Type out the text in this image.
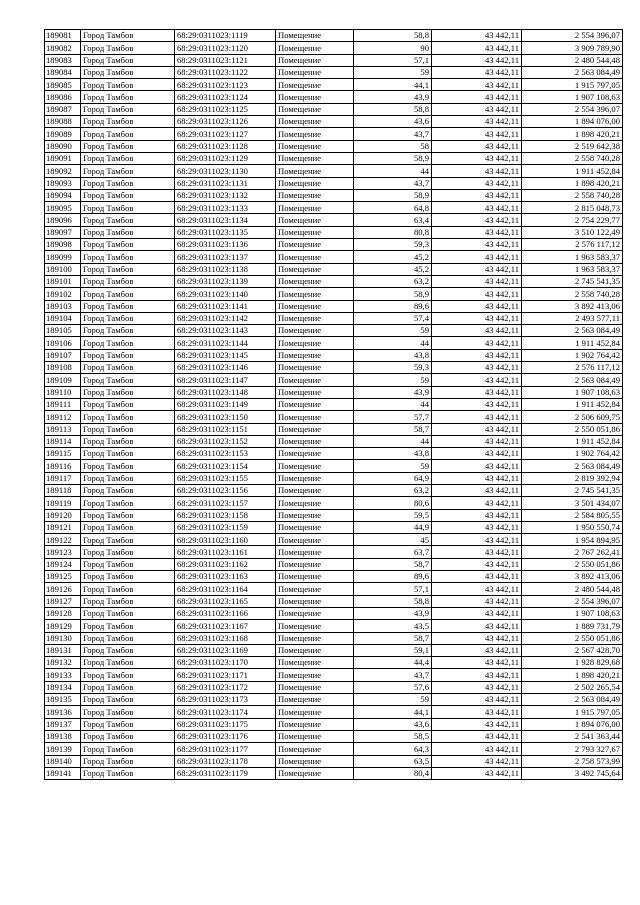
189081	Город Тамбов	68:29:0311023:1119	Помещение	58,8	43 442,11	2 554 396,07
189082	Город Тамбов	68:29:0311023:1120	Помещение	90	43 442,11	3 909 789,90
189083	Город Тамбов	68:29:0311023:1121	Помещение	57,1	43 442,11	2 480 544,48
189084	Город Тамбов	68:29:0311023:1122	Помещение	59	43 442,11	2 563 084,49
189085	Город Тамбов	68:29:0311023:1123	Помещение	44,1	43 442,11	1 915 797,05
189086	Город Тамбов	68:29:0311023:1124	Помещение	43,9	43 442,11	1 907 108,63
189087	Город Тамбов	68:29:0311023:1125	Помещение	58,8	43 442,11	2 554 396,07
189088	Город Тамбов	68:29:0311023:1126	Помещение	43,6	43 442,11	1 894 076,00
189089	Город Тамбов	68:29:0311023:1127	Помещение	43,7	43 442,11	1 898 420,21
189090	Город Тамбов	68:29:0311023:1128	Помещение	58	43 442,11	2 519 642,38
189091	Город Тамбов	68:29:0311023:1129	Помещение	58,9	43 442,11	2 558 740,28
189092	Город Тамбов	68:29:0311023:1130	Помещение	44	43 442,11	1 911 452,84
189093	Город Тамбов	68:29:0311023:1131	Помещение	43,7	43 442,11	1 898 420,21
189094	Город Тамбов	68:29:0311023:1132	Помещение	58,9	43 442,11	2 558 740,28
189095	Город Тамбов	68:29:0311023:1133	Помещение	64,8	43 442,11	2 815 048,73
189096	Город Тамбов	68:29:0311023:1134	Помещение	63,4	43 442,11	2 754 229,77
189097	Город Тамбов	68:29:0311023:1135	Помещение	80,8	43 442,11	3 510 122,49
189098	Город Тамбов	68:29:0311023:1136	Помещение	59,3	43 442,11	2 576 117,12
189099	Город Тамбов	68:29:0311023:1137	Помещение	45,2	43 442,11	1 963 583,37
189100	Город Тамбов	68:29:0311023:1138	Помещение	45,2	43 442,11	1 963 583,37
189101	Город Тамбов	68:29:0311023:1139	Помещение	63,2	43 442,11	2 745 541,35
189102	Город Тамбов	68:29:0311023:1140	Помещение	58,9	43 442,11	2 558 740,28
189103	Город Тамбов	68:29:0311023:1141	Помещение	89,6	43 442,11	3 892 413,06
189104	Город Тамбов	68:29:0311023:1142	Помещение	57,4	43 442,11	2 493 577,11
189105	Город Тамбов	68:29:0311023:1143	Помещение	59	43 442,11	2 563 084,49
189106	Город Тамбов	68:29:0311023:1144	Помещение	44	43 442,11	1 911 452,84
189107	Город Тамбов	68:29:0311023:1145	Помещение	43,8	43 442,11	1 902 764,42
189108	Город Тамбов	68:29:0311023:1146	Помещение	59,3	43 442,11	2 576 117,12
189109	Город Тамбов	68:29:0311023:1147	Помещение	59	43 442,11	2 563 084,49
189110	Город Тамбов	68:29:0311023:1148	Помещение	43,9	43 442,11	1 907 108,63
189111	Город Тамбов	68:29:0311023:1149	Помещение	44	43 442,11	1 911 452,84
189112	Город Тамбов	68:29:0311023:1150	Помещение	57,7	43 442,11	2 506 609,75
189113	Город Тамбов	68:29:0311023:1151	Помещение	58,7	43 442,11	2 550 051,86
189114	Город Тамбов	68:29:0311023:1152	Помещение	44	43 442,11	1 911 452,84
189115	Город Тамбов	68:29:0311023:1153	Помещение	43,8	43 442,11	1 902 764,42
189116	Город Тамбов	68:29:0311023:1154	Помещение	59	43 442,11	2 563 084,49
189117	Город Тамбов	68:29:0311023:1155	Помещение	64,9	43 442,11	2 819 392,94
189118	Город Тамбов	68:29:0311023:1156	Помещение	63,2	43 442,11	2 745 541,35
189119	Город Тамбов	68:29:0311023:1157	Помещение	80,6	43 442,11	3 501 434,07
189120	Город Тамбов	68:29:0311023:1158	Помещение	59,5	43 442,11	2 584 805,55
189121	Город Тамбов	68:29:0311023:1159	Помещение	44,9	43 442,11	1 950 550,74
189122	Город Тамбов	68:29:0311023:1160	Помещение	45	43 442,11	1 954 894,95
189123	Город Тамбов	68:29:0311023:1161	Помещение	63,7	43 442,11	2 767 262,41
189124	Город Тамбов	68:29:0311023:1162	Помещение	58,7	43 442,11	2 550 051,86
189125	Город Тамбов	68:29:0311023:1163	Помещение	89,6	43 442,11	3 892 413,06
189126	Город Тамбов	68:29:0311023:1164	Помещение	57,1	43 442,11	2 480 544,48
189127	Город Тамбов	68:29:0311023:1165	Помещение	58,8	43 442,11	2 554 396,07
189128	Город Тамбов	68:29:0311023:1166	Помещение	43,9	43 442,11	1 907 108,63
189129	Город Тамбов	68:29:0311023:1167	Помещение	43,5	43 442,11	1 889 731,79
189130	Город Тамбов	68:29:0311023:1168	Помещение	58,7	43 442,11	2 550 051,86
189131	Город Тамбов	68:29:0311023:1169	Помещение	59,1	43 442,11	2 567 428,70
189132	Город Тамбов	68:29:0311023:1170	Помещение	44,4	43 442,11	1 928 829,68
189133	Город Тамбов	68:29:0311023:1171	Помещение	43,7	43 442,11	1 898 420,21
189134	Город Тамбов	68:29:0311023:1172	Помещение	57,6	43 442,11	2 502 265,54
189135	Город Тамбов	68:29:0311023:1173	Помещение	59	43 442,11	2 563 084,49
189136	Город Тамбов	68:29:0311023:1174	Помещение	44,1	43 442,11	1 915 797,05
189137	Город Тамбов	68:29:0311023:1175	Помещение	43,6	43 442,11	1 894 076,00
189138	Город Тамбов	68:29:0311023:1176	Помещение	58,5	43 442,11	2 541 363,44
189139	Город Тамбов	68:29:0311023:1177	Помещение	64,3	43 442,11	2 793 327,67
189140	Город Тамбов	68:29:0311023:1178	Помещение	63,5	43 442,11	2 758 573,99
189141	Город Тамбов	68:29:0311023:1179	Помещение	80,4	43 442,11	3 492 745,64
